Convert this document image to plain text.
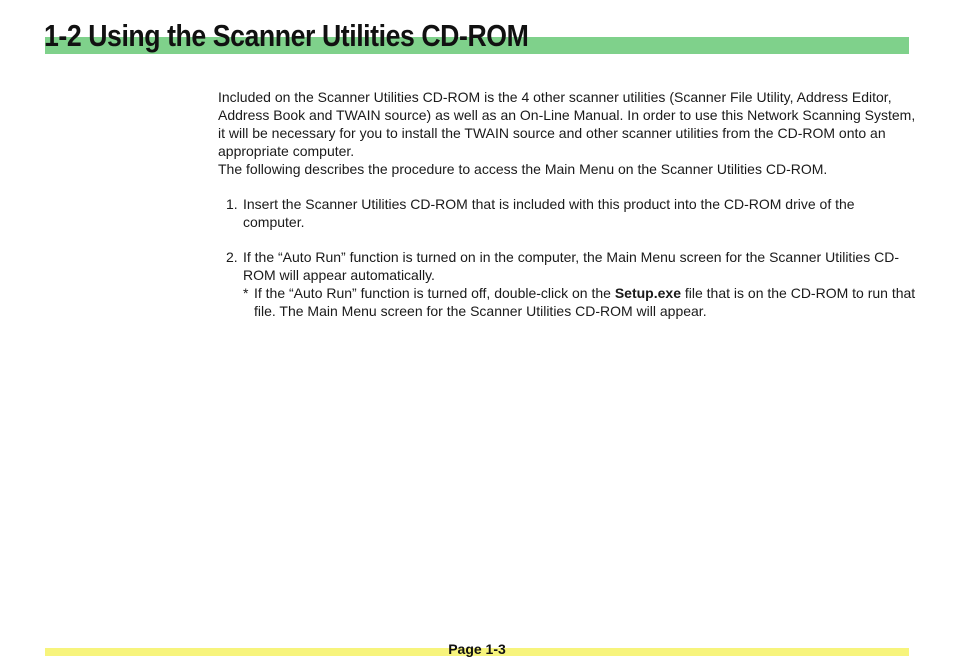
1-2 Using the Scanner Utilities CD-ROM

Included on the Scanner Utilities CD-ROM is the 4 other scanner utilities (Scanner File Utility, Address Editor, Address Book and TWAIN source) as well as an On-Line Manual. In order to use this Network Scanning System, it will be necessary for you to install the TWAIN source and other scanner utilities from the CD-ROM onto an appropriate computer.

The following describes the procedure to access the Main Menu on the Scanner Utilities CD-ROM.

1. Insert the Scanner Utilities CD-ROM that is included with this product into the CD-ROM drive of the computer.
2. If the “Auto Run” function is turned on in the computer, the Main Menu screen for the Scanner Utilities CD-ROM will appear automatically.
* If the “Auto Run” function is turned off, double-click on the Setup.exe file that is on the CD-ROM to run that file. The Main Menu screen for the Scanner Utilities CD-ROM will appear.
Page 1-3
